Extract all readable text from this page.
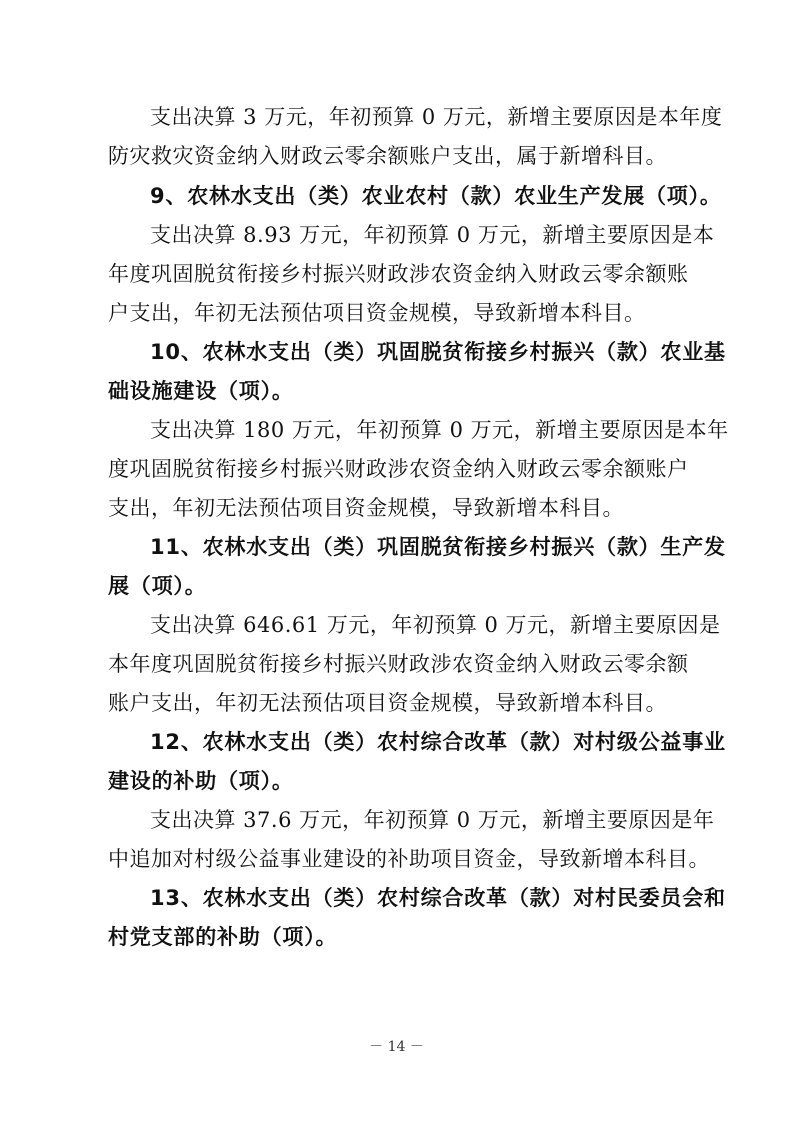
支出决算 3 万元，年初预算 0 万元，新增主要原因是本年度
防灾救灾资金纳入财政云零余额账户支出，属于新增科目。
9、农林水支出（类）农业农村（款）农业生产发展（项）。
支出决算 8.93 万元，年初预算 0 万元，新增主要原因是本
年度巩固脱贫衔接乡村振兴财政涉农资金纳入财政云零余额账
户支出，年初无法预估项目资金规模，导致新增本科目。
10、农林水支出（类）巩固脱贫衔接乡村振兴（款）农业基
础设施建设（项）。
支出决算 180 万元，年初预算 0 万元，新增主要原因是本年
度巩固脱贫衔接乡村振兴财政涉农资金纳入财政云零余额账户
支出，年初无法预估项目资金规模，导致新增本科目。
11、农林水支出（类）巩固脱贫衔接乡村振兴（款）生产发
展（项）。
支出决算 646.61 万元，年初预算 0 万元，新增主要原因是
本年度巩固脱贫衔接乡村振兴财政涉农资金纳入财政云零余额
账户支出，年初无法预估项目资金规模，导致新增本科目。
12、农林水支出（类）农村综合改革（款）对村级公益事业
建设的补助（项）。
支出决算 37.6 万元，年初预算 0 万元，新增主要原因是年
中追加对村级公益事业建设的补助项目资金，导致新增本科目。
13、农林水支出（类）农村综合改革（款）对村民委员会和
村党支部的补助（项）。
－ 14 －
